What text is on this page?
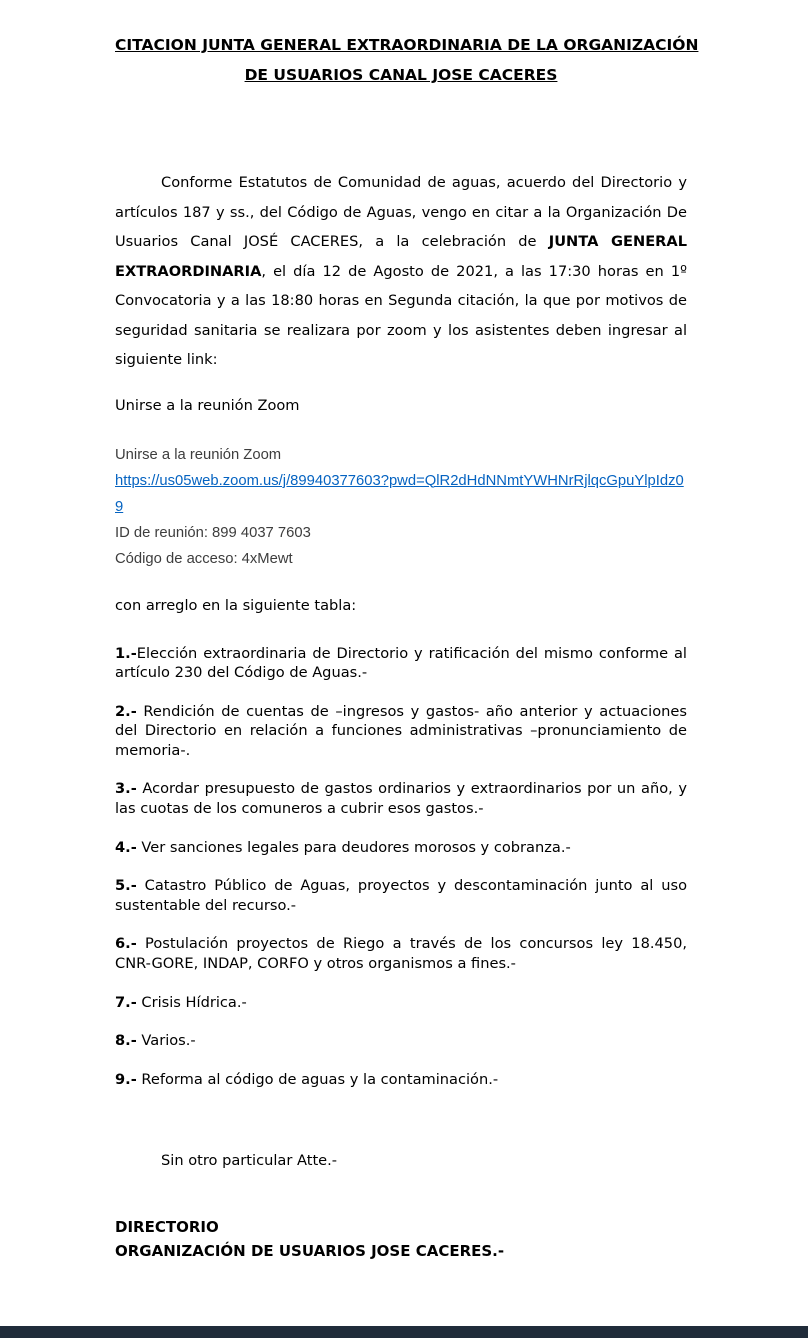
CITACION JUNTA GENERAL EXTRAORDINARIA DE LA ORGANIZACIÓN
DE USUARIOS CANAL JOSE CACERES

Conforme Estatutos de Comunidad de aguas, acuerdo del Directorio y artículos 187 y ss., del Código de Aguas, vengo en citar a la Organización De Usuarios Canal JOSÉ CACERES, a la celebración de JUNTA GENERAL EXTRAORDINARIA, el día 12 de Agosto de 2021, a las 17:30 horas en 1º Convocatoria y a las 18:80 horas en Segunda citación, la que por motivos de seguridad sanitaria se realizara por zoom y los asistentes deben ingresar al siguiente link:

Unirse a la reunión Zoom

Unirse a la reunión Zoom

https://us05web.zoom.us/j/89940377603?pwd=QlR2dHdNNmtYWHNrRjlqcGpuYlpIdz09

ID de reunión: 899 4037 7603

Código de acceso: 4xMewt

con arreglo en la siguiente tabla:

1.-Elección extraordinaria de Directorio y ratificación del mismo conforme al artículo 230 del Código de Aguas.-

2.- Rendición de cuentas de –ingresos y gastos- año anterior y actuaciones del Directorio en relación a funciones administrativas –pronunciamiento de memoria-.

3.- Acordar presupuesto de gastos ordinarios y extraordinarios por un año, y las cuotas de los comuneros a cubrir esos gastos.-

4.- Ver sanciones legales para deudores morosos y cobranza.-

5.- Catastro Público de Aguas, proyectos y descontaminación junto al uso sustentable del recurso.-

6.- Postulación proyectos de Riego a través de los concursos ley 18.450, CNR-GORE, INDAP, CORFO y otros organismos a fines.-

7.- Crisis Hídrica.-

8.- Varios.-

9.- Reforma al código de aguas y la contaminación.-

Sin otro particular Atte.-

DIRECTORIO
ORGANIZACIÓN DE USUARIOS JOSE CACERES.-
